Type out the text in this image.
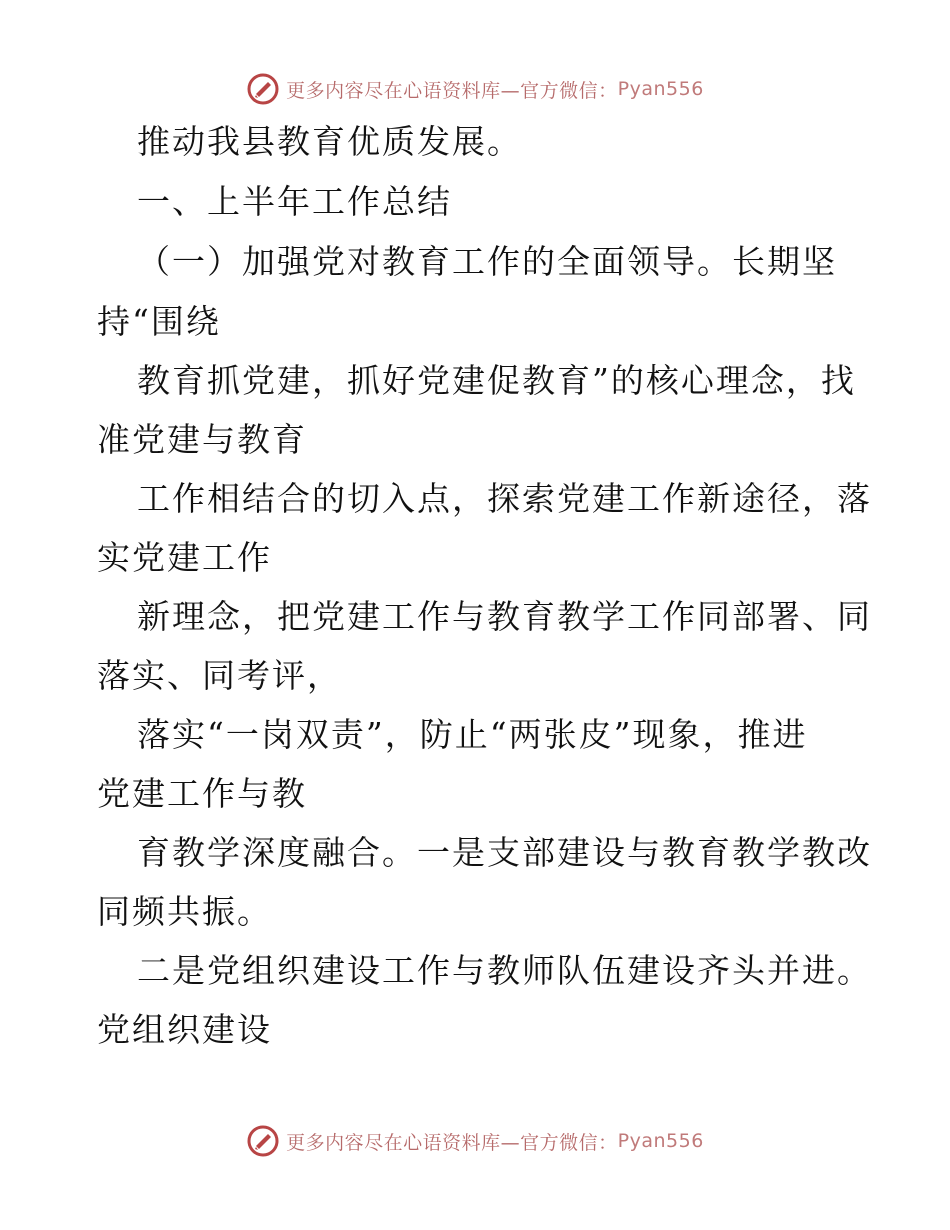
更多内容尽在心语资料库—官方微信： Pyan556
推动我县教育优质发展。
一、上半年工作总结
（一）加强党对教育工作的全面领导。长期坚
持“围绕
教育抓党建，抓好党建促教育”的核心理念，找
准党建与教育
工作相结合的切入点，探索党建工作新途径，落
实党建工作
新理念，把党建工作与教育教学工作同部署、同
落实、同考评，
落实“一岗双责”，防止“两张皮”现象，推进
党建工作与教
育教学深度融合。一是支部建设与教育教学教改
同频共振。
二是党组织建设工作与教师队伍建设齐头并进。
党组织建设
更多内容尽在心语资料库—官方微信： Pyan556
